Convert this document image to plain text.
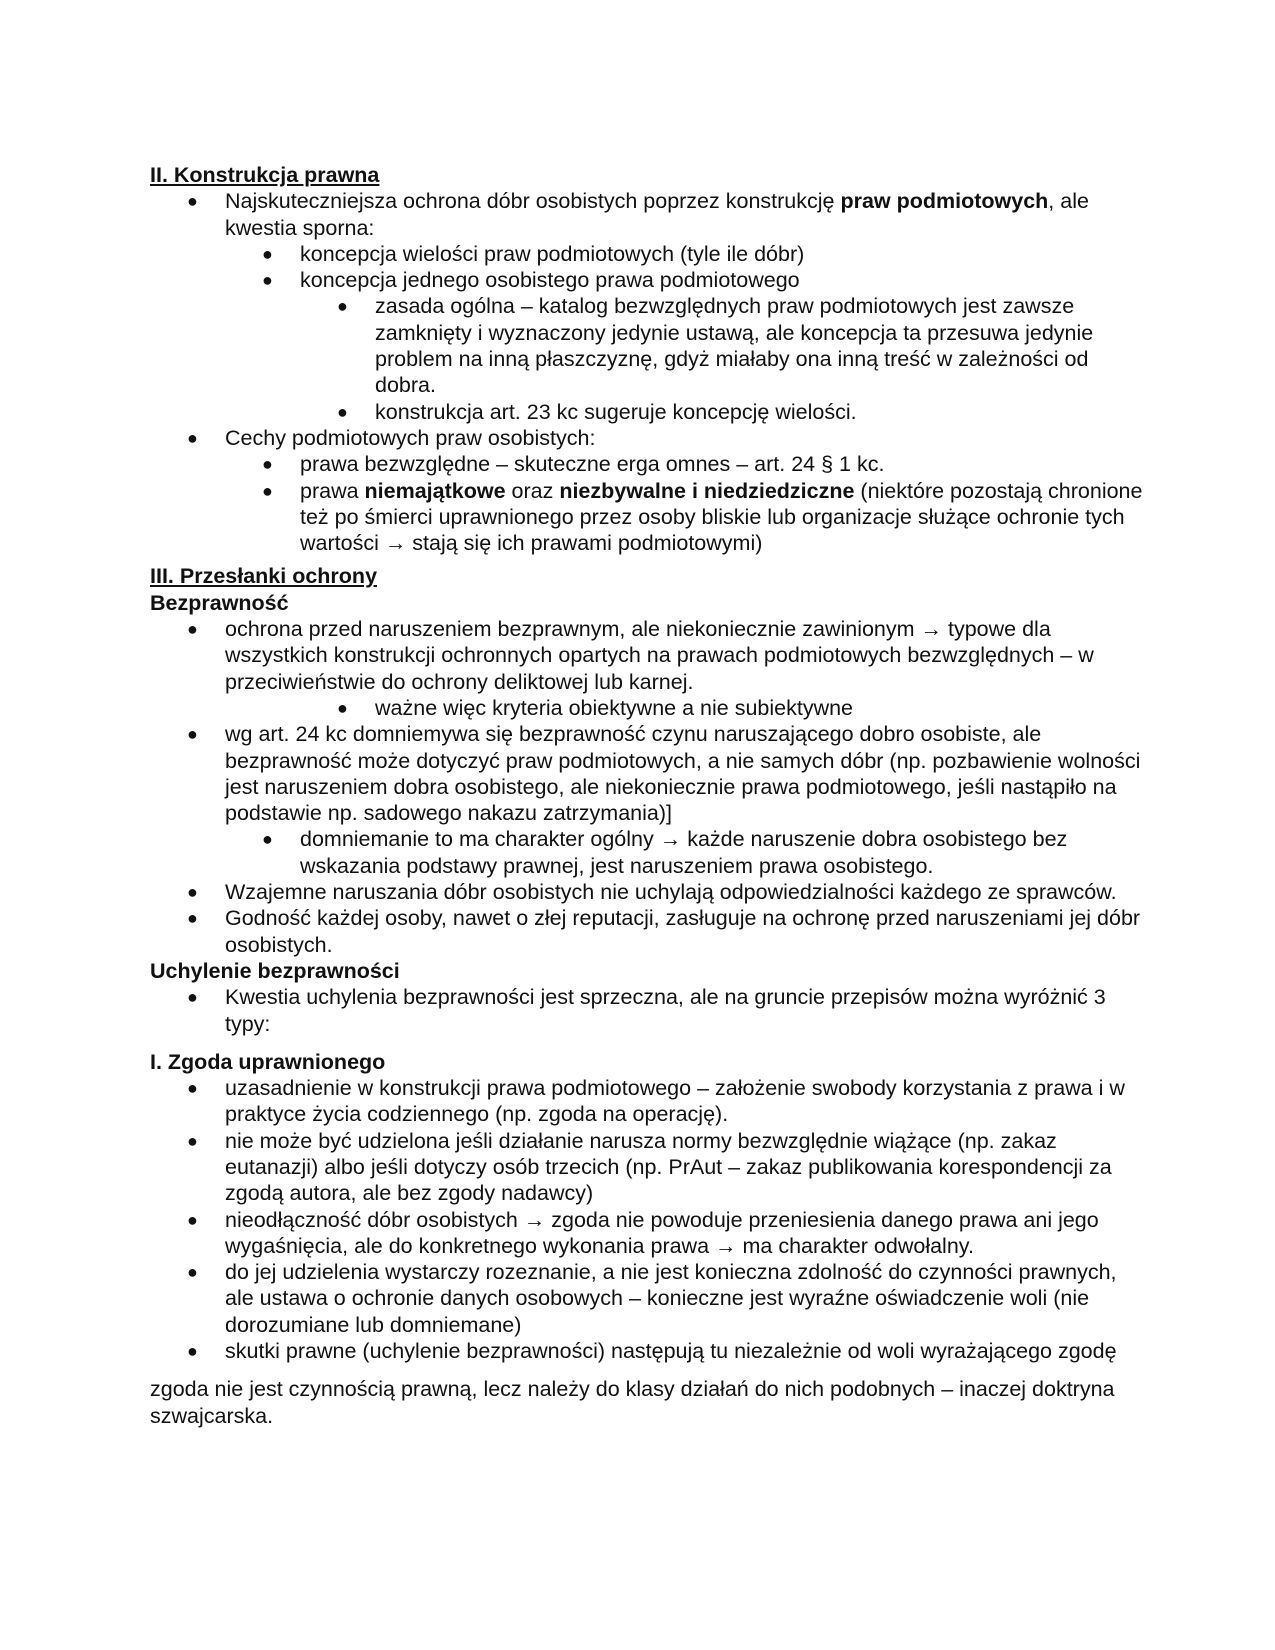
II. Konstrukcja prawna
● Najskuteczniejsza ochrona dóbr osobistych poprzez konstrukcję praw podmiotowych, ale kwestia sporna:
● koncepcja wielości praw podmiotowych (tyle ile dóbr)
● koncepcja jednego osobistego prawa podmiotowego
● zasada ogólna – katalog bezwzględnych praw podmiotowych jest zawsze zamknięty i wyznaczony jedynie ustawą, ale koncepcja ta przesuwa jedynie problem na inną płaszczyznę, gdyż miałaby ona inną treść w zależności od dobra.
● konstrukcja art. 23 kc sugeruje koncepcję wielości.
● Cechy podmiotowych praw osobistych:
● prawa bezwzględne – skuteczne erga omnes – art. 24 § 1 kc.
● prawa niemajątkowe oraz niezbywalne i niedziedziczne (niektóre pozostają chronione też po śmierci uprawnionego przez osoby bliskie lub organizacje służące ochronie tych wartości → stają się ich prawami podmiotowymi)
III. Przesłanki ochrony
Bezprawność
● ochrona przed naruszeniem bezprawnym, ale niekoniecznie zawinionym → typowe dla wszystkich konstrukcji ochronnych opartych na prawach podmiotowych bezwzględnych – w przeciwieństwie do ochrony deliktowej lub karnej.
● ważne więc kryteria obiektywne a nie subiektywne
● wg art. 24 kc domniemywa się bezprawność czynu naruszającego dobro osobiste, ale bezprawność może dotyczyć praw podmiotowych, a nie samych dóbr (np. pozbawienie wolności jest naruszeniem dobra osobistego, ale niekoniecznie prawa podmiotowego, jeśli nastąpiło na podstawie np. sadowego nakazu zatrzymania)]
● domniemanie to ma charakter ogólny → każde naruszenie dobra osobistego bez wskazania podstawy prawnej, jest naruszeniem prawa osobistego.
● Wzajemne naruszania dóbr osobistych nie uchylają odpowiedzialności każdego ze sprawców.
● Godność każdej osoby, nawet o złej reputacji, zasługuje na ochronę przed naruszeniami jej dóbr osobistych.
Uchylenie bezprawności
● Kwestia uchylenia bezprawności jest sprzeczna, ale na gruncie przepisów można wyróżnić 3 typy:
I. Zgoda uprawnionego
● uzasadnienie w konstrukcji prawa podmiotowego – założenie swobody korzystania z prawa i w praktyce życia codziennego (np. zgoda na operację).
● nie może być udzielona jeśli działanie narusza normy bezwzględnie wiążące (np. zakaz eutanazji) albo jeśli dotyczy osób trzecich (np. PrAut – zakaz publikowania korespondencji za zgodą autora, ale bez zgody nadawcy)
● nieodłączność dóbr osobistych → zgoda nie powoduje przeniesienia danego prawa ani jego wygaśnięcia, ale do konkretnego wykonania prawa → ma charakter odwołalny.
● do jej udzielenia wystarczy rozeznanie, a nie jest konieczna zdolność do czynności prawnych, ale ustawa o ochronie danych osobowych – konieczne jest wyraźne oświadczenie woli (nie dorozumiane lub domniemane)
● skutki prawne (uchylenie bezprawności) następują tu niezależnie od woli wyrażającego zgodę

zgoda nie jest czynnością prawną, lecz należy do klasy działań do nich podobnych – inaczej doktryna szwajcarska.
